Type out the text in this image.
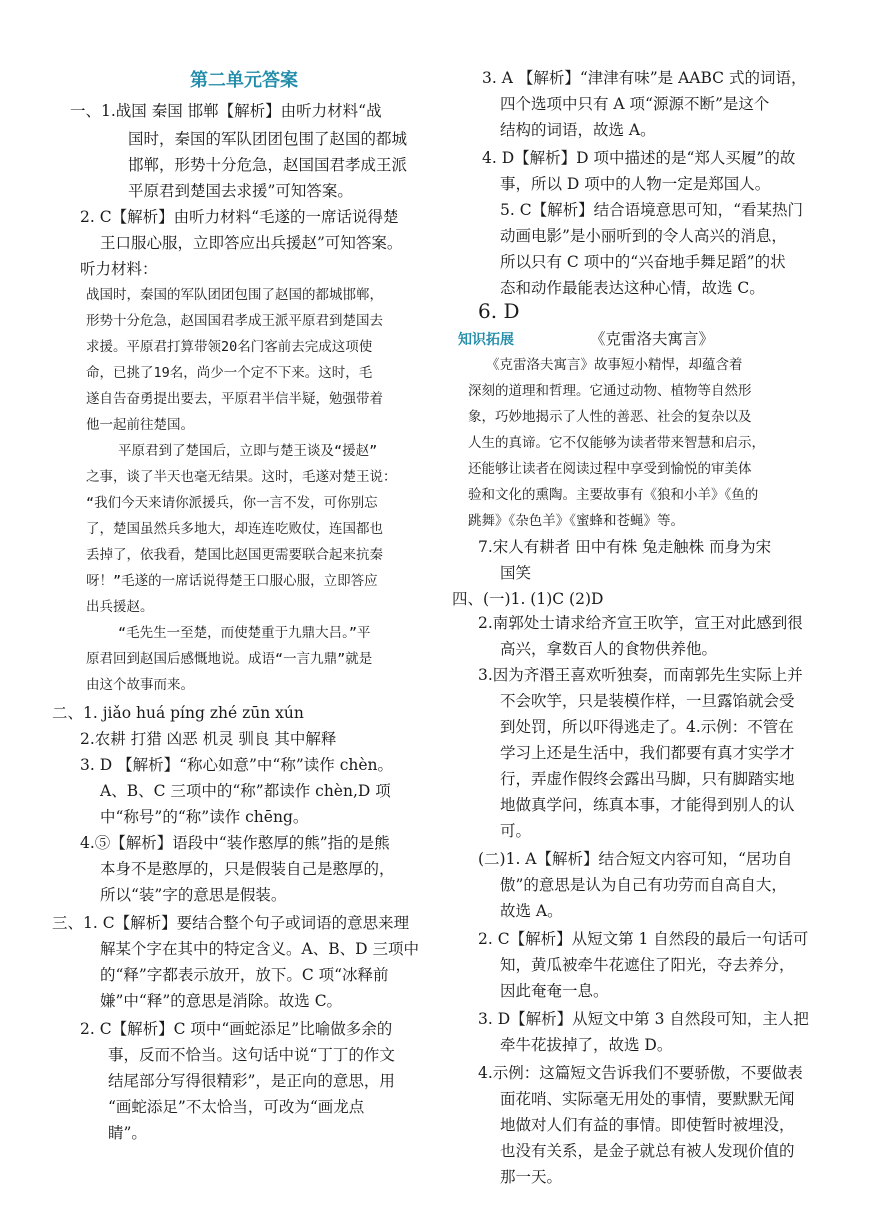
第二单元答案
一、1.战国 秦国 邯郸【解析】由听力材料“战
国时，秦国的军队团团包围了赵国的都城
邯郸，形势十分危急，赵国国君孝成王派
平原君到楚国去求援”可知答案。
2. C【解析】由听力材料“毛遂的一席话说得楚
王口服心服，立即答应出兵援赵”可知答案。
听力材料：
战国时，秦国的军队团团包围了赵国的都城邯郸，
形势十分危急，赵国国君孝成王派平原君到楚国去
求援。平原君打算带领20名门客前去完成这项使
命，已挑了19名，尚少一个定不下来。这时，毛
遂自告奋勇提出要去，平原君半信半疑，勉强带着
他一起前往楚国。
平原君到了楚国后，立即与楚王谈及“援赵”
之事，谈了半天也毫无结果。这时，毛遂对楚王说：
“我们今天来请你派援兵，你一言不发，可你别忘
了，楚国虽然兵多地大，却连连吃败仗，连国都也
丢掉了，依我看，楚国比赵国更需要联合起来抗秦
呀！”毛遂的一席话说得楚王口服心服，立即答应
出兵援赵。
“毛先生一至楚，而使楚重于九鼎大吕。”平
原君回到赵国后感慨地说。成语“一言九鼎”就是
由这个故事而来。
二、1. jiǎo huá píng zhé zūn xún
2.农耕 打猎 凶恶 机灵 驯良 其中解释
3. D 【解析】“称心如意”中“称”读作 chèn。
A、B、C 三项中的“称”都读作 chèn,D 项
中“称号”的“称”读作 chēng。
4.⑤【解析】语段中“装作憨厚的熊”指的是熊
本身不是憨厚的，只是假装自己是憨厚的，
所以“装”字的意思是假装。
三、1. C【解析】要结合整个句子或词语的意思来理
解某个字在其中的特定含义。A、B、D 三项中
的“释”字都表示放开，放下。C 项“冰释前
嫌”中“释”的意思是消除。故选 C。
2. C【解析】C 项中“画蛇添足”比喻做多余的
事，反而不恰当。这句话中说“丁丁的作文
结尾部分写得很精彩”，是正向的意思，用
“画蛇添足”不太恰当，可改为“画龙点
睛”。
3. A 【解析】“津津有味”是 AABC 式的词语，
四个选项中只有 A 项“源源不断”是这个
结构的词语，故选 A。
4. D【解析】D 项中描述的是“郑人买履”的故
事，所以 D 项中的人物一定是郑国人。
5. C【解析】结合语境意思可知，“看某热门
动画电影”是小丽听到的令人高兴的消息，
所以只有 C 项中的“兴奋地手舞足蹈”的状
态和动作最能表达这种心情，故选 C。
6. D
《克雷洛夫寓言》
《克雷洛夫寓言》故事短小精悍，却蕴含着
深刻的道理和哲理。它通过动物、植物等自然形
象，巧妙地揭示了人性的善恶、社会的复杂以及
人生的真谛。它不仅能够为读者带来智慧和启示，
还能够让读者在阅读过程中享受到愉悦的审美体
验和文化的熏陶。主要故事有《狼和小羊》《鱼的
跳舞》《杂色羊》《蜜蜂和苍蝇》等。
7.宋人有耕者 田中有株 兔走触株 而身为宋
国笑
四、(一)1. (1)C (2)D
2.南郭处士请求给齐宣王吹竽，宣王对此感到很
高兴，拿数百人的食物供养他。
3.因为齐湣王喜欢听独奏，而南郭先生实际上并
不会吹竽，只是装模作样，一旦露馅就会受
到处罚，所以吓得逃走了。4.示例：不管在
学习上还是生活中，我们都要有真才实学才
行，弄虚作假终会露出马脚，只有脚踏实地
地做真学问，练真本事，才能得到别人的认
可。
(二)1. A【解析】结合短文内容可知，“居功自
傲”的意思是认为自己有功劳而自高自大，
故选 A。
2. C【解析】从短文第 1 自然段的最后一句话可
知，黄瓜被牵牛花遮住了阳光，夺去养分，
因此奄奄一息。
3. D【解析】从短文中第 3 自然段可知，主人把
牵牛花拔掉了，故选 D。
4.示例：这篇短文告诉我们不要骄傲，不要做表
面花哨、实际毫无用处的事情，要默默无闻
地做对人们有益的事情。即使暂时被埋没，
也没有关系，是金子就总有被人发现价值的
那一天。
知识拓展
